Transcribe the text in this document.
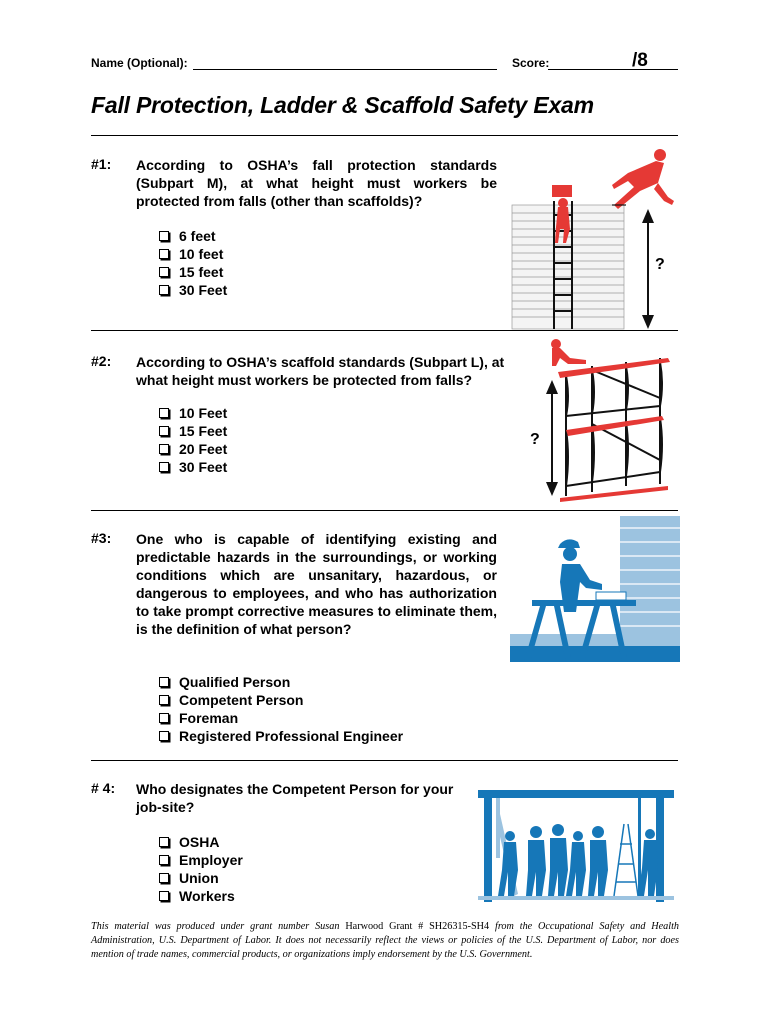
Name (Optional):	Score:	/8
Fall Protection, Ladder & Scaffold Safety Exam
#1: According to OSHA’s fall protection standards (Subpart M), at what height must workers be protected from falls (other than scaffolds)?
6 feet
10 feet
15 feet
30 Feet
?
#2: According to OSHA’s scaffold standards (Subpart L), at what height must workers be protected from falls?
10 Feet
15 Feet
20 Feet
30 Feet
?
#3: One who is capable of identifying existing and predictable hazards in the surroundings, or working conditions which are unsanitary, hazardous, or dangerous to employees, and who has authorization to take prompt corrective measures to eliminate them, is the definition of what person?
Qualified Person
Competent Person
Foreman
Registered Professional Engineer
# 4: Who designates the Competent Person for your job-site?
OSHA
Employer
Union
Workers
This material was produced under grant number Susan Harwood Grant # SH26315-SH4 from the Occupational Safety and Health Administration, U.S. Department of Labor. It does not necessarily reflect the views or policies of the U.S. Department of Labor, nor does mention of trade names, commercial products, or organizations imply endorsement by the U.S. Government.
